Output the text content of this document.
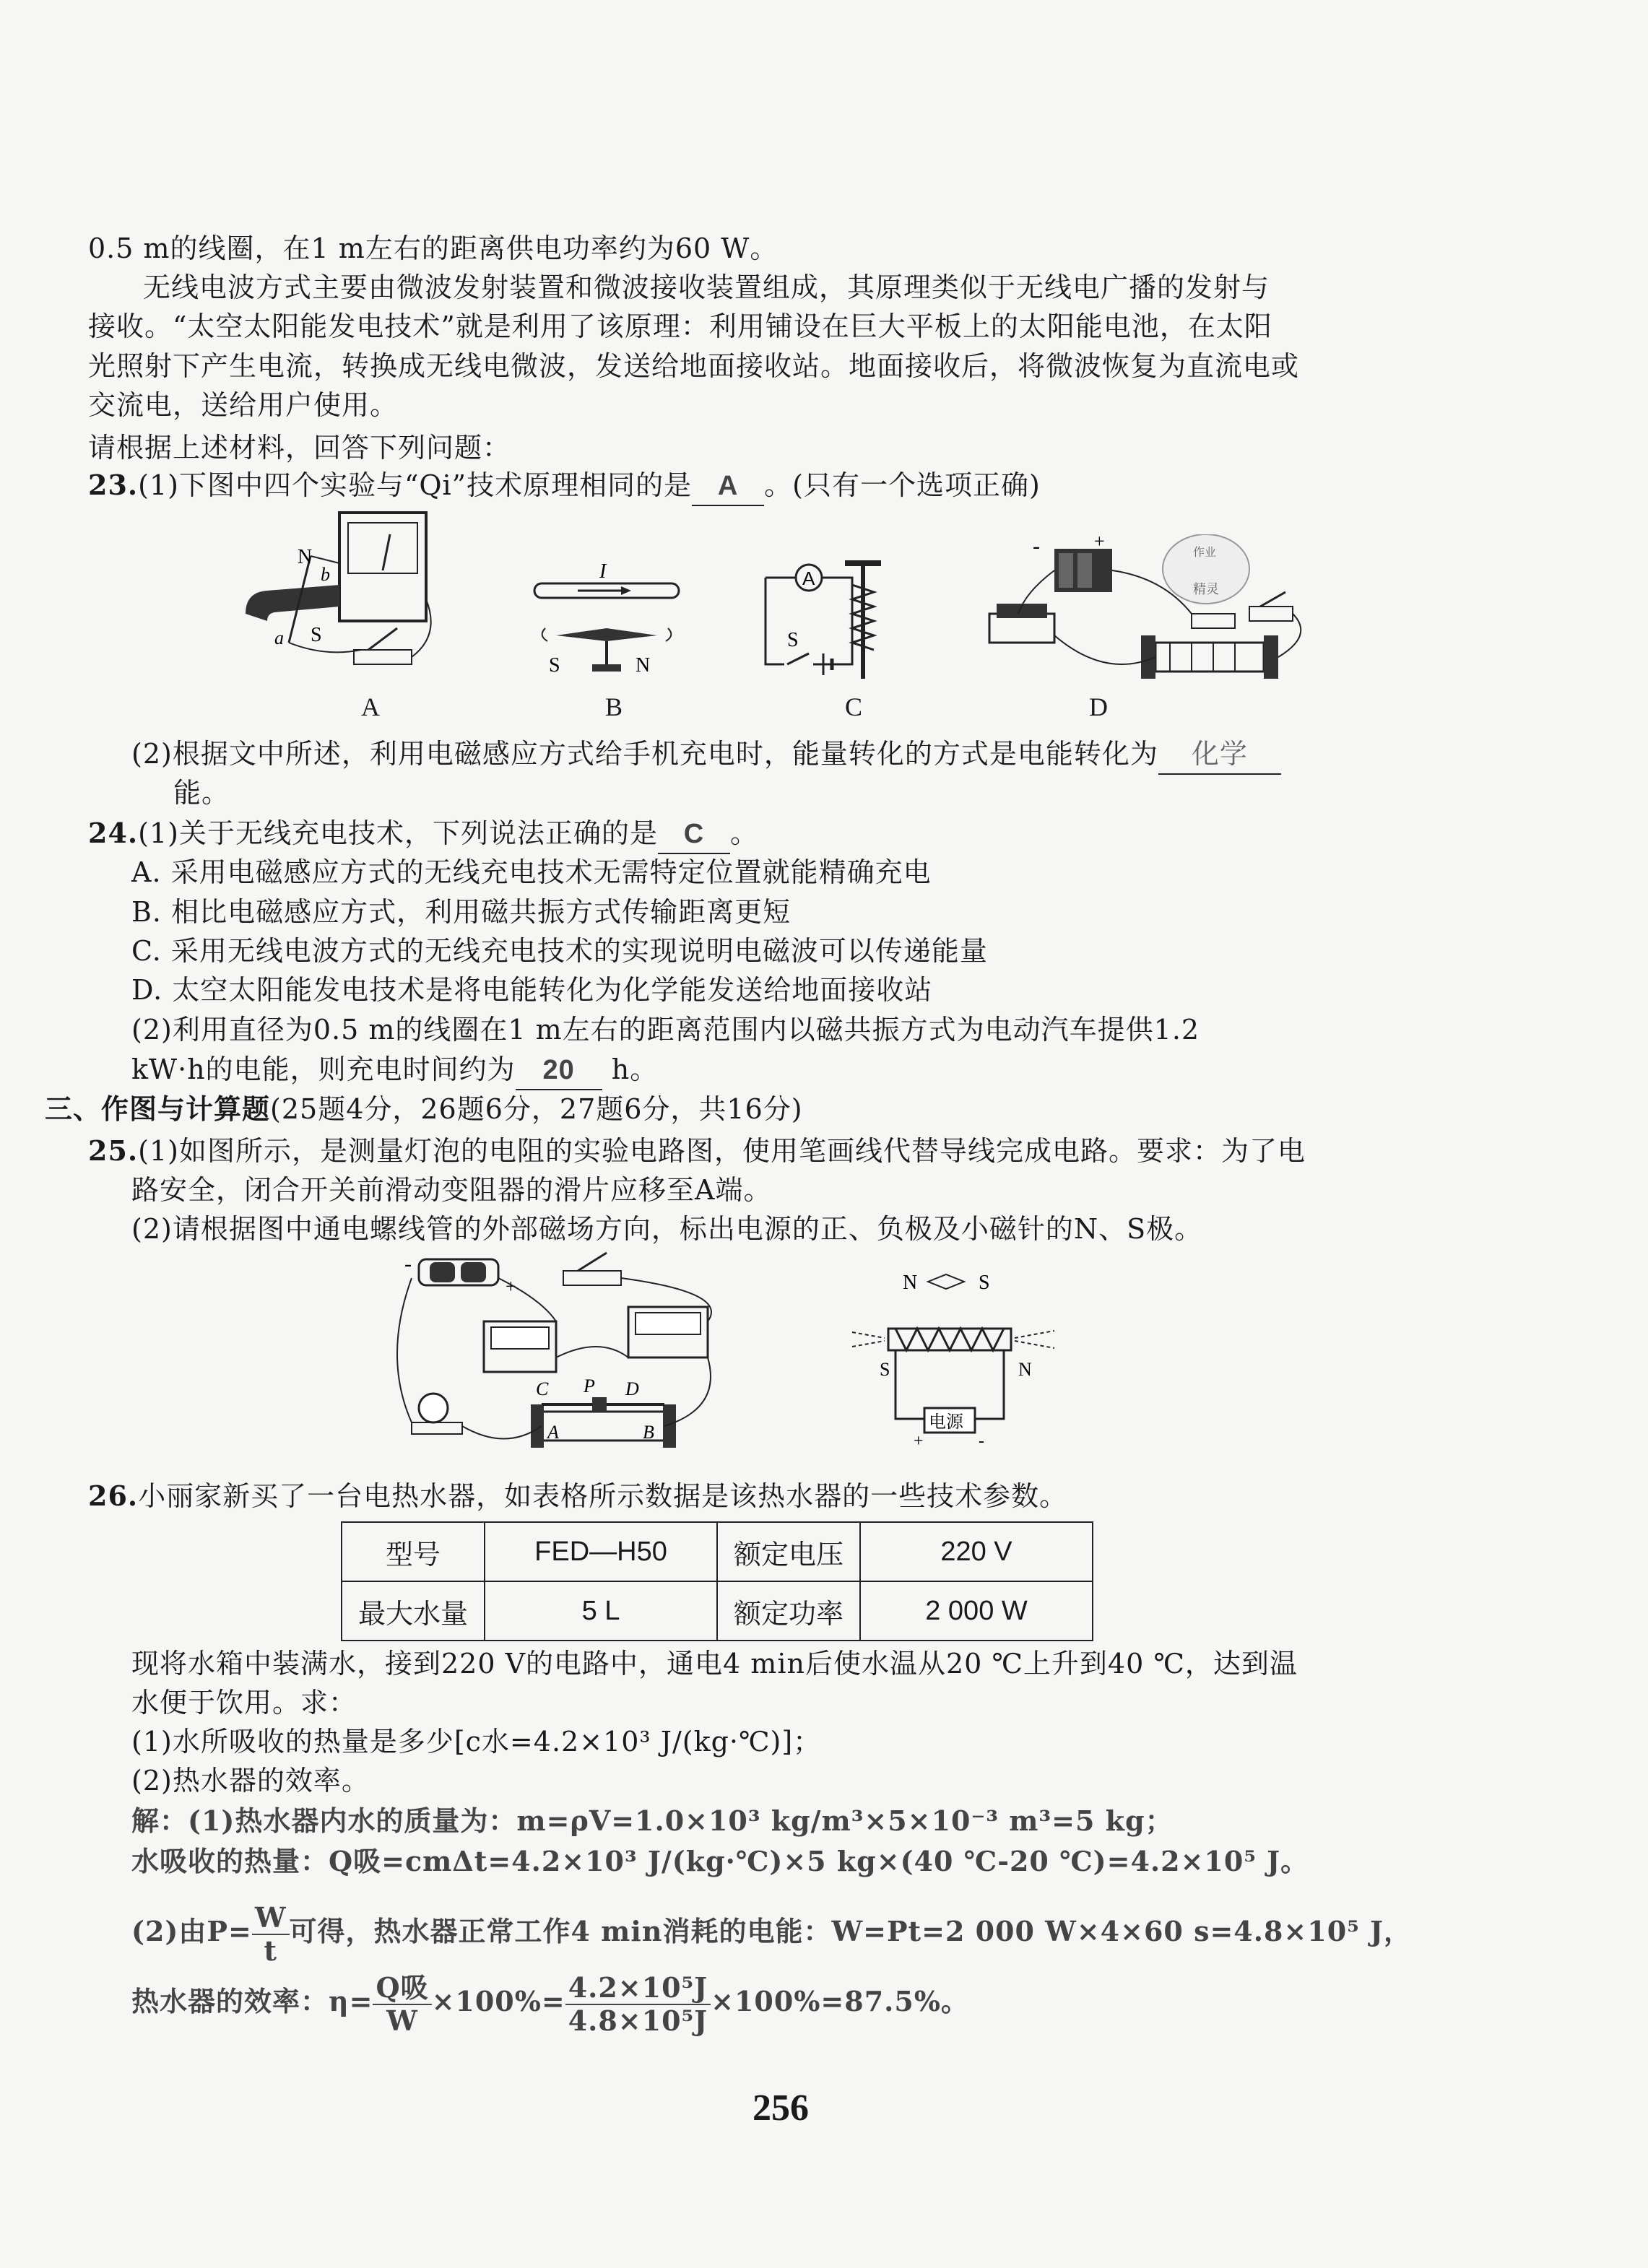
0.5 m的线圈，在1 m左右的距离供电功率约为60 W。
无线电波方式主要由微波发射装置和微波接收装置组成，其原理类似于无线电广播的发射与
接收。“太空太阳能发电技术”就是利用了该原理：利用铺设在巨大平板上的太阳能电池，在太阳
光照射下产生电流，转换成无线电微波，发送给地面接收站。地面接收后，将微波恢复为直流电或
交流电，送给用户使用。
请根据上述材料，回答下列问题：
23.(1)下图中四个实验与“Qi”技术原理相同的是 A 。(只有一个选项正确)
N
S
a
b	I
S	N
A
S
-	+
作业
精灵
A	B	C	D
(2)根据文中所述，利用电磁感应方式给手机充电时，能量转化的方式是电能转化为 化学
能。
24.(1)关于无线充电技术，下列说法正确的是 C 。
A. 采用电磁感应方式的无线充电技术无需特定位置就能精确充电
B. 相比电磁感应方式，利用磁共振方式传输距离更短
C. 采用无线电波方式的无线充电技术的实现说明电磁波可以传递能量
D. 太空太阳能发电技术是将电能转化为化学能发送给地面接收站
(2)利用直径为0.5 m的线圈在1 m左右的距离范围内以磁共振方式为电动汽车提供1.2
kW·h的电能，则充电时间约为 20 h。
三、作图与计算题(25题4分，26题6分，27题6分，共16分)
25.(1)如图所示，是测量灯泡的电阻的实验电路图，使用笔画线代替导线完成电路。要求：为了电
路安全，闭合开关前滑动变阻器的滑片应移至A端。
(2)请根据图中通电螺线管的外部磁场方向，标出电源的正、负极及小磁针的N、S极。
-
+
C P D
A	B
N	S
S	N
电源
+	-
26.小丽家新买了一台电热水器，如表格所示数据是该热水器的一些技术参数。
型号	FED—H50	额定电压	220 V
最大水量	5 L	额定功率	2 000 W
现将水箱中装满水，接到220 V的电路中，通电4 min后使水温从20 ℃上升到40 ℃，达到温
水便于饮用。求：
(1)水所吸收的热量是多少[c水=4.2×10³ J/(kg·℃)]；
(2)热水器的效率。
解：(1)热水器内水的质量为：m=ρV=1.0×10³ kg/m³×5×10⁻³ m³=5 kg；
水吸收的热量：Q吸=cmΔt=4.2×10³ J/(kg·℃)×5 kg×(40 ℃-20 ℃)=4.2×10⁵ J。
(2)由$P= \frac{W}{t}$ 可得，热水器正常工作4 min消耗的电能：W=Pt=2 000 W×4×60 s=4.8×10⁵ J，
热水器的效率：$\eta= \frac{\text{Q吸}}{W} \times 100\%= \frac{\text{4.2×10⁵J}}{\text{4.8×10⁵J}} \times 100\%=87.5\%$。
256
